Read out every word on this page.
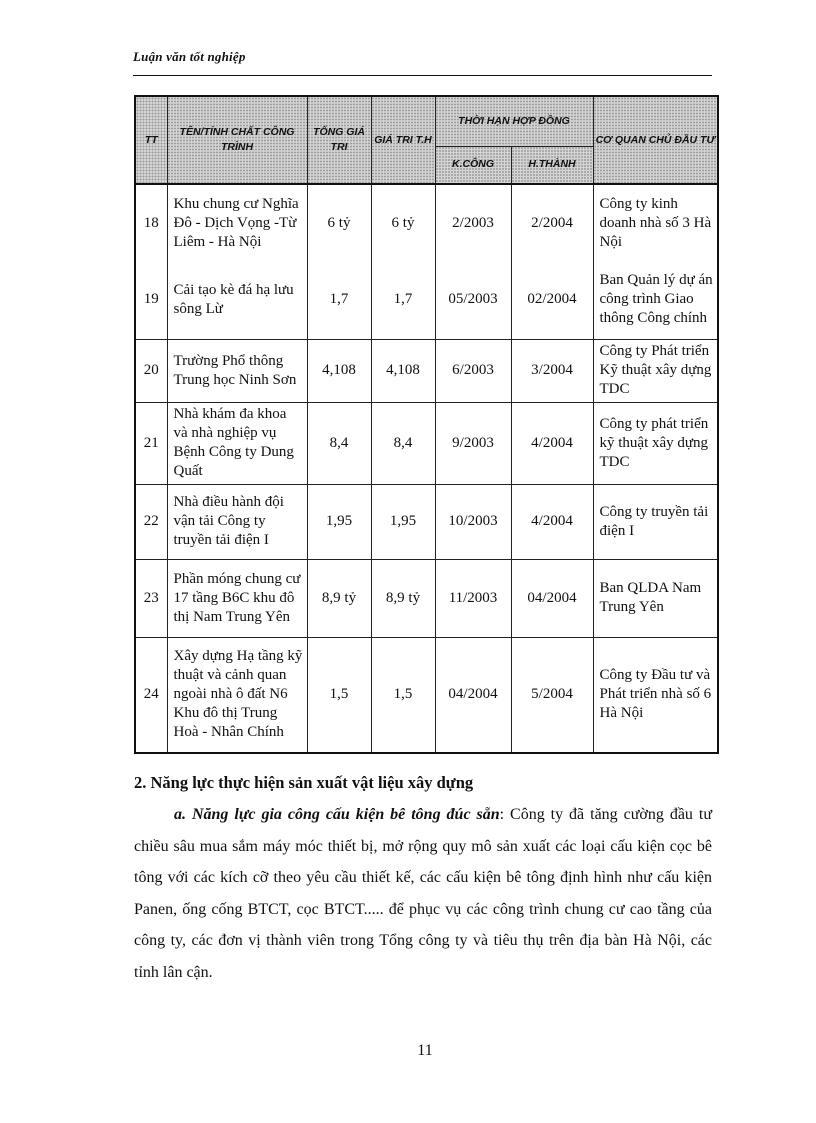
Luận văn tốt nghiệp
TT	TÊN/TÍNH CHẤT CÔNG TRÌNH	TỔNG GIÁ TRI	GIÁ TRI T.H	THỜI HẠN HỢP ĐỒNG		CƠ QUAN CHỦ ĐẦU TƯ
				K.CÔNG	H.THÀNH	
18	Khu chung cư Nghĩa Đô - Dịch Vọng -Từ Liêm - Hà Nội	6 tỷ	6 tỷ	2/2003	2/2004	Công ty kinh doanh nhà số 3 Hà Nội
19	Cải tạo kè đá hạ lưu sông Lừ	1,7	1,7	05/2003	02/2004	Ban Quản lý dự án công trình Giao thông Công chính
20	Trường Phổ thông Trung học Ninh Sơn	4,108	4,108	6/2003	3/2004	Công ty Phát triển Kỹ thuật xây dựng TDC
21	Nhà khám đa khoa và nhà nghiệp vụ Bệnh Công ty Dung Quất	8,4	8,4	9/2003	4/2004	Công ty phát triển kỹ thuật xây dựng TDC
22	Nhà điều hành đội vận tải Công ty truyền tải điện I	1,95	1,95	10/2003	4/2004	Công ty truyền tải điện I
23	Phần móng chung cư 17 tầng B6C khu đô thị Nam Trung Yên	8,9 tỷ	8,9 tỷ	11/2003	04/2004	Ban QLDA Nam Trung Yên
24	Xây dựng Hạ tầng kỹ thuật và cảnh quan ngoài nhà ô đất N6 Khu đô thị Trung Hoà - Nhân Chính	1,5	1,5	04/2004	5/2004	Công ty Đầu tư và Phát triển nhà số 6 Hà Nội
2. Năng lực thực hiện sản xuất vật liệu xây dựng
a. Năng lực gia công cấu kiện bê tông đúc sẵn: Công ty đã tăng cường đầu tư chiều sâu mua sắm máy móc thiết bị, mở rộng quy mô sản xuất các loại cấu kiện cọc bê tông với các kích cỡ theo yêu cầu thiết kế, các cấu kiện bê tông định hình như cấu kiện Panen, ống cống BTCT, cọc BTCT..... để phục vụ các công trình chung cư cao tầng của công ty, các đơn vị thành viên trong Tổng công ty và tiêu thụ trên địa bàn Hà Nội, các tỉnh lân cận.
11
